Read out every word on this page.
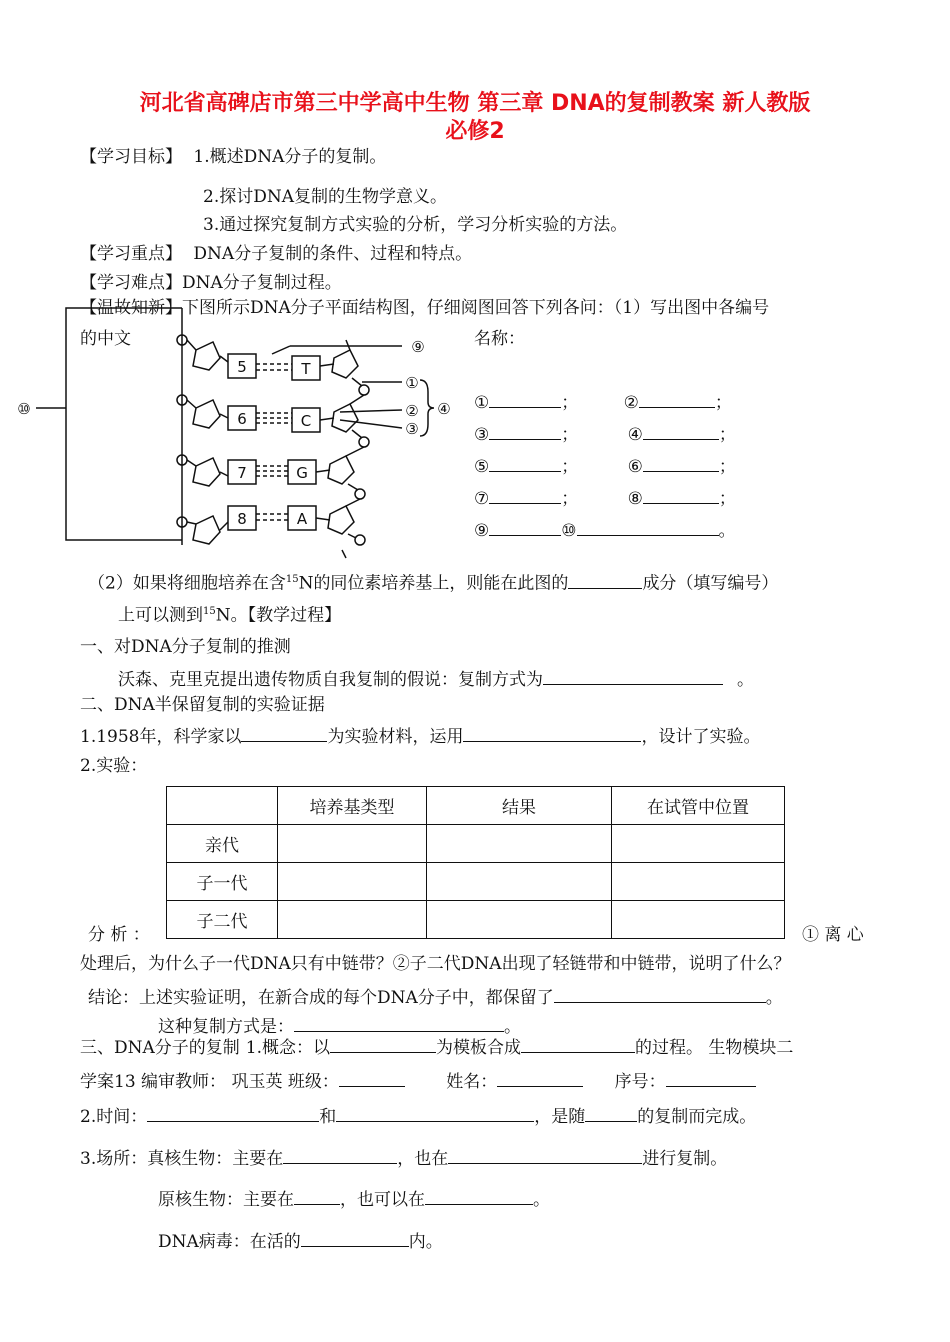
河北省高碑店市第三中学高中生物 第三章 DNA的复制教案 新人教版
必修2
【学习目标】 1.概述DNA分子的复制。
2.探讨DNA复制的生物学意义。
3.通过探究复制方式实验的分析，学习分析实验的方法。
【学习重点】 DNA分子复制的条件、过程和特点。
【学习难点】DNA分子复制过程。
【温故知新】下图所示DNA分子平面结构图，仔细阅图回答下列各问：（1）写出图中各编号
的中文	名称：
5
6
7
8
T
C
G
A
①
②
③
④
⑨
⑩	①	；	②	；
③	；	④	；
⑤	；	⑥	；
⑦	；	⑧	；
⑨	⑩	。
（2）如果将细胞培养在含$^{15}$N的同位素培养基上，则能在此图的	成分（填写编号）
上可以测到$^{15}$N。【教学过程】
一、对DNA分子复制的推测
沃森、克里克提出遗传物质自我复制的假说：复制方式为	。
二、DNA半保留复制的实验证据
1.1958年，科学家以	为实验材料，运用	，设计了实验。
2.实验：
	培养基类型	结果	在试管中位置
亲代			
子一代			
子二代			
分 析 ：	① 离 心
处理后，为什么子一代DNA只有中链带？②子二代DNA出现了轻链带和中链带，说明了什么？
结论：上述实验证明，在新合成的每个DNA分子中，都保留了	。
这种复制方式是：	。
三、DNA分子的复制 1.概念：以	为模板合成	的过程。 生物模块二
学案13 编审教师： 巩玉英 班级：	姓名：	序号：
2.时间：	和	，是随	的复制而完成。
3.场所：真核生物：主要在	，也在	进行复制。
原核生物：主要在	，也可以在	。
DNA病毒：在活的	内。
